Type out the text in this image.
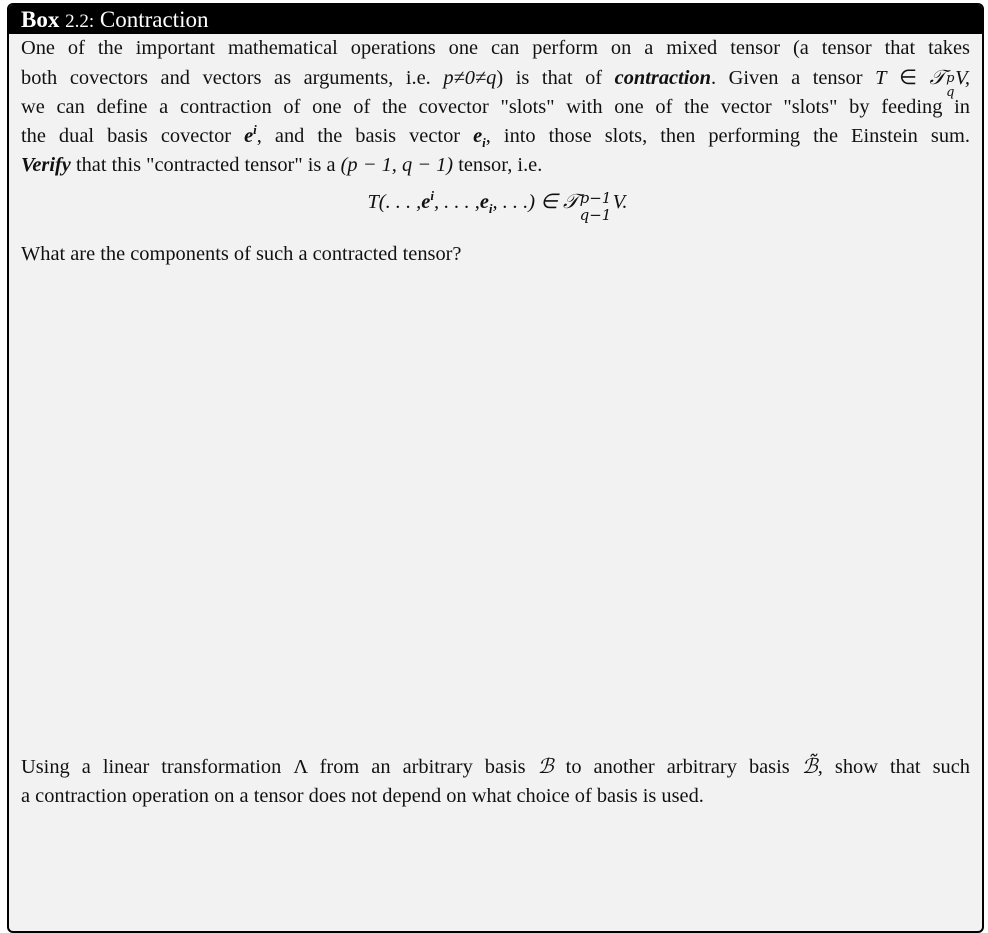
Box 2.2: Contraction
One of the important mathematical operations one can perform on a mixed tensor (a tensor that takes
both covectors and vectors as arguments, i.e. p≠0≠q) is that of contraction. Given a tensor T ∈ 𝒯 p
q
V,
we can define a contraction of one of the covector "slots" with one of the vector "slots" by feeding in
the dual basis covector $e^i$, and the basis vector $e_i$, into those slots, then performing the Einstein sum.
Verify that this "contracted tensor" is a (p − 1, q − 1) tensor, i.e.
T(. . . $,e^i$, . . . $,e_i$, . . .) ∈ 𝒯 p−1
q−1
V.
What are the components of such a contracted tensor?
Using a linear transformation Λ from an arbitrary basis ℬ to another arbitrary basis ℬ̃, show that such
a contraction operation on a tensor does not depend on what choice of basis is used.
